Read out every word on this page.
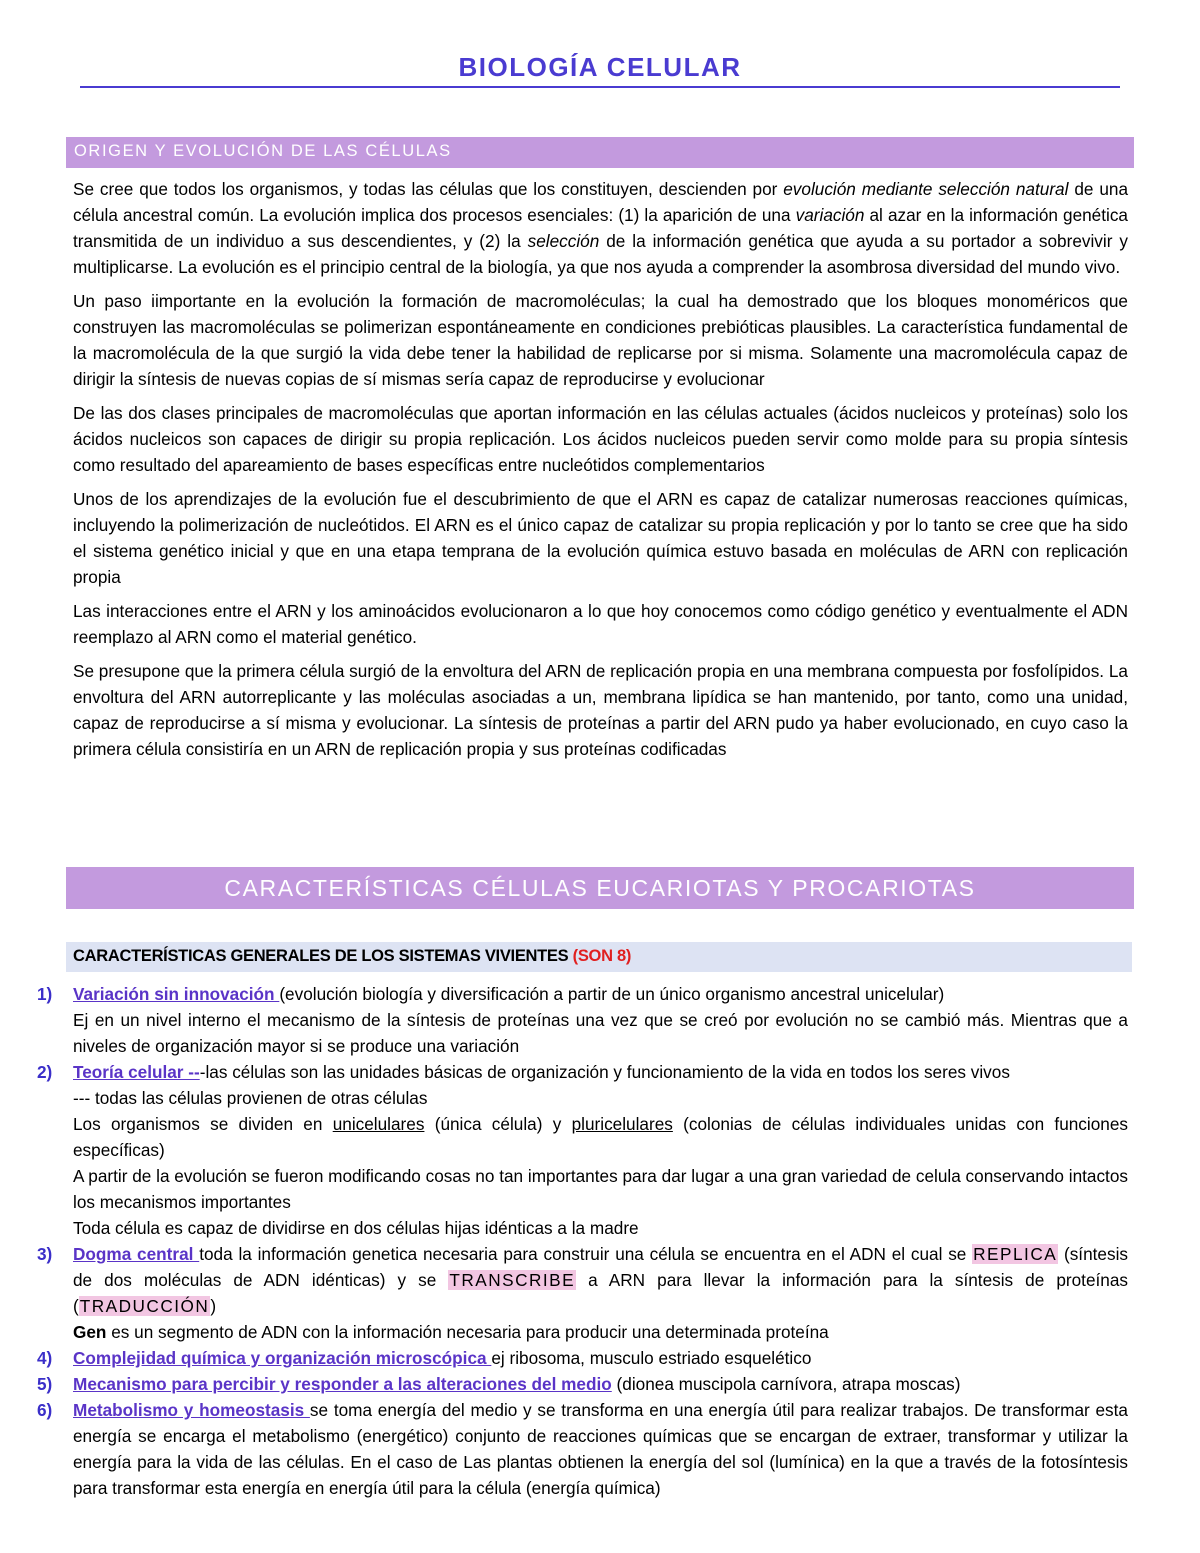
BIOLOGÍA CELULAR
ORIGEN Y EVOLUCIÓN DE LAS CÉLULAS

Se cree que todos los organismos, y todas las células que los constituyen, descienden por evolución mediante selección natural de una célula ancestral común. La evolución implica dos procesos esenciales: (1) la aparición de una variación al azar en la información genética transmitida de un individuo a sus descendientes, y (2) la selección de la información genética que ayuda a su portador a sobrevivir y multiplicarse. La evolución es el principio central de la biología, ya que nos ayuda a comprender la asombrosa diversidad del mundo vivo.

Un paso iimportante en la evolución la formación de macromoléculas; la cual ha demostrado que los bloques monoméricos que construyen las macromoléculas se polimerizan espontáneamente en condiciones prebióticas plausibles. La característica fundamental de la macromolécula de la que surgió la vida debe tener la habilidad de replicarse por si misma. Solamente una macromolécula capaz de dirigir la síntesis de nuevas copias de sí mismas sería capaz de reproducirse y evolucionar

De las dos clases principales de macromoléculas que aportan información en las células actuales (ácidos nucleicos y proteínas) solo los ácidos nucleicos son capaces de dirigir su propia replicación. Los ácidos nucleicos pueden servir como molde para su propia síntesis como resultado del apareamiento de bases específicas entre nucleótidos complementarios

Unos de los aprendizajes de la evolución fue el descubrimiento de que el ARN es capaz de catalizar numerosas reacciones químicas, incluyendo la polimerización de nucleótidos. El ARN es el único capaz de catalizar su propia replicación y por lo tanto se cree que ha sido el sistema genético inicial y que en una etapa temprana de la evolución química estuvo basada en moléculas de ARN con replicación propia

Las interacciones entre el ARN y los aminoácidos evolucionaron a lo que hoy conocemos como código genético y eventualmente el ADN reemplazo al ARN como el material genético.

Se presupone que la primera célula surgió de la envoltura del ARN de replicación propia en una membrana compuesta por fosfolípidos. La envoltura del ARN autorreplicante y las moléculas asociadas a un, membrana lipídica se han mantenido, por tanto, como una unidad, capaz de reproducirse a sí misma y evolucionar. La síntesis de proteínas a partir del ARN pudo ya haber evolucionado, en cuyo caso la primera célula consistiría en un ARN de replicación propia y sus proteínas codificadas

CARACTERÍSTICAS CÉLULAS EUCARIOTAS Y PROCARIOTAS
CARACTERÍSTICAS GENERALES DE LOS SISTEMAS VIVIENTES (SON 8)
1)	Variación sin innovación (evolución biología y diversificación a partir de un único organismo ancestral unicelular)
Ej en un nivel interno el mecanismo de la síntesis de proteínas una vez que se creó por evolución no se cambió más. Mientras que a niveles de organización mayor si se produce una variación
2)	Teoría celular ---las células son las unidades básicas de organización y funcionamiento de la vida en todos los seres vivos
--- todas las células provienen de otras células
Los organismos se dividen en unicelulares (única célula) y pluricelulares (colonias de células individuales unidas con funciones específicas)
A partir de la evolución se fueron modificando cosas no tan importantes para dar lugar a una gran variedad de celula conservando intactos los mecanismos importantes
Toda célula es capaz de dividirse en dos células hijas idénticas a la madre
3)	Dogma central toda la información genetica necesaria para construir una célula se encuentra en el ADN el cual se REPLICA (síntesis de dos moléculas de ADN idénticas) y se TRANSCRIBE a ARN para llevar la información para la síntesis de proteínas (TRADUCCIÓN)
Gen es un segmento de ADN con la información necesaria para producir una determinada proteína
4)	Complejidad química y organización microscópica ej ribosoma, musculo estriado esquelético
5)	Mecanismo para percibir y responder a las alteraciones del medio (dionea muscipola carnívora, atrapa moscas)
6)	Metabolismo y homeostasis se toma energía del medio y se transforma en una energía útil para realizar trabajos. De transformar esta energía se encarga el metabolismo (energético) conjunto de reacciones químicas que se encargan de extraer, transformar y utilizar la energía para la vida de las células. En el caso de Las plantas obtienen la energía del sol (lumínica) en la que a través de la fotosíntesis para transformar esta energía en energía útil para la célula (energía química)
